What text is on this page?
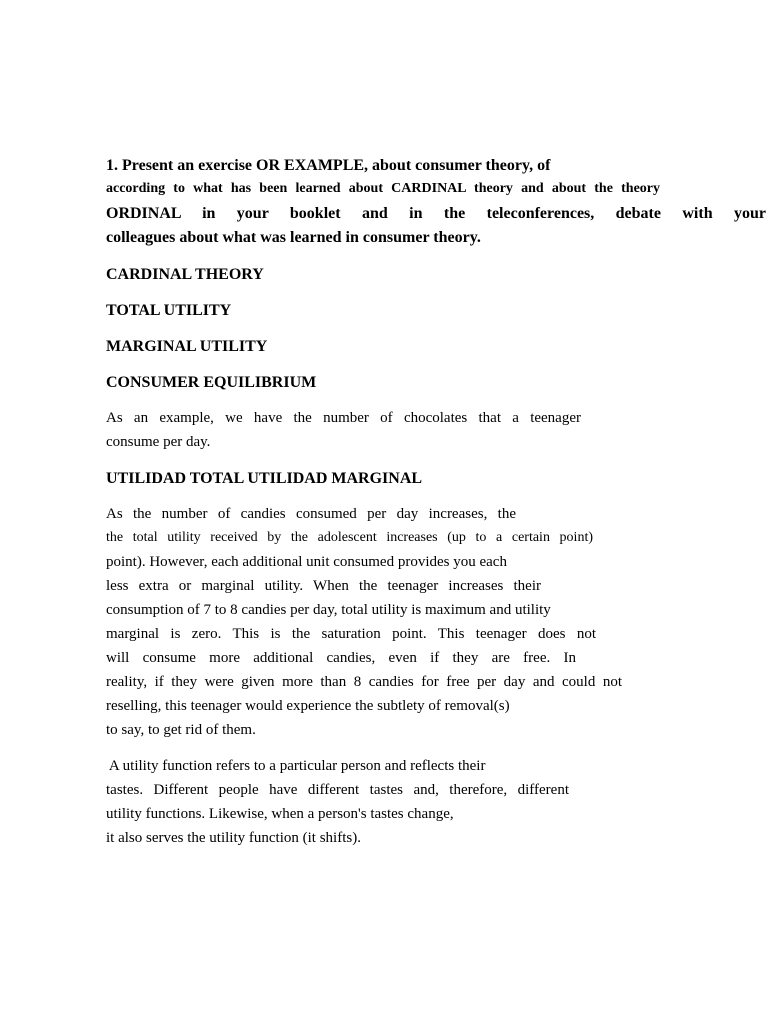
1. Present an exercise OR EXAMPLE, about consumer theory, of
according to what has been learned about CARDINAL theory and about the theory
ORDINAL in your booklet and in the teleconferences, debate with your
colleagues about what was learned in consumer theory.
CARDINAL THEORY
TOTAL UTILITY
MARGINAL UTILITY
CONSUMER EQUILIBRIUM
As an example, we have the number of chocolates that a teenager
consume per day.
UTILIDAD TOTAL UTILIDAD MARGINAL
As the number of candies consumed per day increases, the
the total utility received by the adolescent increases (up to a certain point)
point). However, each additional unit consumed provides you each
less extra or marginal utility. When the teenager increases their
consumption of 7 to 8 candies per day, total utility is maximum and utility
marginal is zero. This is the saturation point. This teenager does not
will consume more additional candies, even if they are free. In
reality, if they were given more than 8 candies for free per day and could not
reselling, this teenager would experience the subtlety of removal(s)
to say, to get rid of them.
A utility function refers to a particular person and reflects their
tastes. Different people have different tastes and, therefore, different
utility functions. Likewise, when a person's tastes change,
it also serves the utility function (it shifts).
